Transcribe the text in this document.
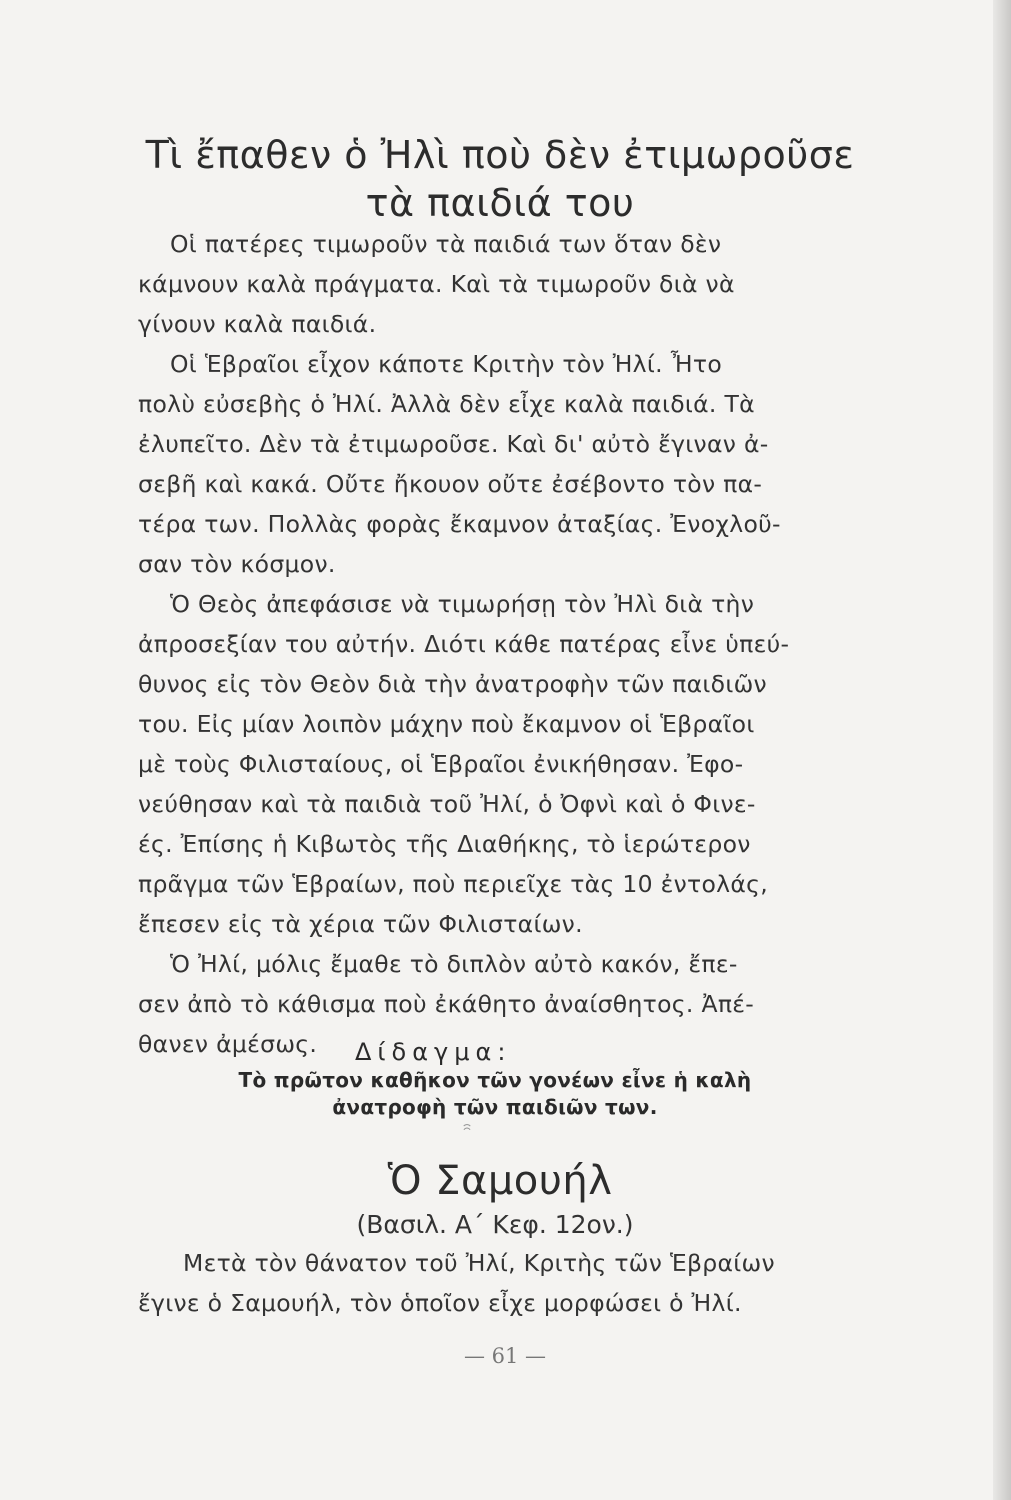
Τὶ ἔπαθεν ὁ Ἠλὶ ποὺ δὲν ἐτιμωροῦσε
τὰ παιδιά του
Οἱ πατέρες τιμωροῦν τὰ παιδιά των ὅταν δὲν
κάμνουν καλὰ πράγματα. Καὶ τὰ τιμωροῦν διὰ νὰ
γίνουν καλὰ παιδιά.
Οἱ Ἑβραῖοι εἶχον κάποτε Κριτὴν τὸν Ἠλί. Ἦτο
πολὺ εὐσεβὴς ὁ Ἠλί. Ἀλλὰ δὲν εἶχε καλὰ παιδιά. Τὰ
ἐλυπεῖτο. Δὲν τὰ ἐτιμωροῦσε. Καὶ δι' αὐτὸ ἔγιναν ἀ-
σεβῆ καὶ κακά. Οὔτε ἤκουον οὔτε ἐσέβοντο τὸν πα-
τέρα των. Πολλὰς φορὰς ἔκαμνον ἀταξίας. Ἐνοχλοῦ-
σαν τὸν κόσμον.
Ὁ Θεὸς ἀπεφάσισε νὰ τιμωρήσῃ τὸν Ἠλὶ διὰ τὴν
ἀπροσεξίαν του αὐτήν. Διότι κάθε πατέρας εἶνε ὑπεύ-
θυνος εἰς τὸν Θεὸν διὰ τὴν ἀνατροφὴν τῶν παιδιῶν
του. Εἰς μίαν λοιπὸν μάχην ποὺ ἔκαμνον οἱ Ἑβραῖοι
μὲ τοὺς Φιλισταίους, οἱ Ἑβραῖοι ἐνικήθησαν. Ἐφο-
νεύθησαν καὶ τὰ παιδιὰ τοῦ Ἠλί, ὁ Ὀφνὶ καὶ ὁ Φινε-
ές. Ἐπίσης ἡ Κιβωτὸς τῆς Διαθήκης, τὸ ἱερώτερον
πρᾶγμα τῶν Ἑβραίων, ποὺ περιεῖχε τὰς 10 ἐντολάς,
ἔπεσεν εἰς τὰ χέρια τῶν Φιλισταίων.
Ὁ Ἠλί, μόλις ἔμαθε τὸ διπλὸν αὐτὸ κακόν, ἔπε-
σεν ἀπὸ τὸ κάθισμα ποὺ ἐκάθητο ἀναίσθητος. Ἀπέ-
θανεν ἀμέσως. Δίδαγμα:
Τὸ πρῶτον καθῆκον τῶν γονέων εἶνε ἡ καλὴ
ἀνατροφὴ τῶν παιδιῶν των.
Ὁ Σαμουήλ
(Βασιλ. Α΄ Κεφ. 12ον.)
Μετὰ τὸν θάνατον τοῦ Ἠλί, Κριτὴς τῶν Ἑβραίων
ἔγινε ὁ Σαμουήλ, τὸν ὁποῖον εἶχε μορφώσει ὁ Ἠλί.
— 61 —
